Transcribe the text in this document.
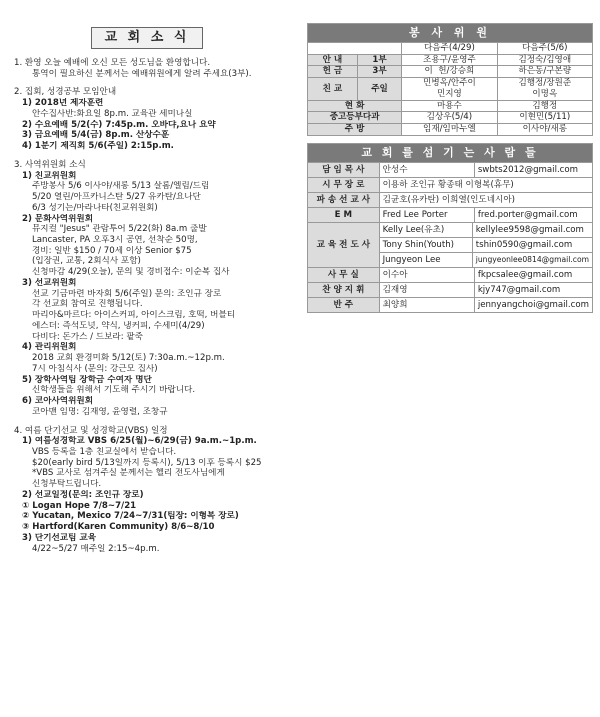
교 회 소 식
1. 환영 오늘 예배에 오신 모든 성도님을 환영합니다.
통역이 필요하신 분께서는 예배위원에게 알려 주세요(3부).
2. 집회, 성경공부 모임안내
1) 2018년 제자훈련
안수집사반:화요일 8p.m. 교육관 세미나실
2) 수요예배 5/2(수) 7:45p.m. 오바댜,요나 요약
3) 금요예배 5/4(금) 8p.m. 산상수훈
4) 1분기 제직회 5/6(주일) 2:15p.m.
3. 사역위원회 소식
1) 친교위원회
주방봉사 5/6 이사야/새롱 5/13 살롬/엘림/드림
5/20 열린/아프카니스탄 5/27 유카탄/요나단
6/3 성기는/마라나타(친교위원회)
2) 문화사역위원회
뮤지컬 "Jesus" 관람투어 5/22(화) 8a.m 출발
Lancaster, PA 오후3시 공연, 선착순 50명,
경비: 일반 $150 / 70세 이상 Senior $75
(입장권, 교통, 2회식사 포함)
신청마감 4/29(오늘), 문의 및 경비접수: 이순복 집사
3) 선교위원회
선교 기금마련 바자회 5/6(주일) 문의: 조인규 장로
각 선교회 참여로 진행됩니다.
마리아&마르다: 아이스커피, 아이스크림, 호떡, 버블티
에스더: 즉석도넛, 약식, 냉커피, 수세미(4/29)
다비다: 돈가스 / 드보라: 팥죽
4) 관리위원회
2018 교회 환경미화 5/12(토) 7:30a.m.~12p.m.
7시 아침식사 (문의: 강근모 집사)
5) 장학사역팀 장학금 수여자 명단
신학생들을 위해서 기도해 주시기 바랍니다.
6) 코아사역위원회
코아맨 임명: 김재영, 윤영렬, 조창규
4. 여름 단기선교 및 성경학교(VBS) 일정
1) 여름성경학교 VBS 6/25(월)~6/29(금) 9a.m.~1p.m.
VBS 등록을 1층 친교실에서 받습니다.
$20(early bird 5/13일까지 등록시), 5/13 이후 등록시 $25
*VBS 교사로 섬겨주실 분께서는 헬리 전도사님에게
신청부탁드립니다.
2) 선교일정(문의: 조인규 장로)
① Logan Hope 7/8~7/21
② Yucatan, Mexico 7/24~7/31(팀장: 이형복 장로)
③ Hartford(Karen Community) 8/6~8/10
3) 단기선교팀 교육
4/22~5/27 매주일 2:15~4p.m.
봉 사 위 원			
		다음주(4/29)	다음주(5/6)
안 내	1부	조용구/윤영주	김정숙/김영애
헌 금	3부	이  헌/강승희	하은동/구본량
친 교	주일	민병옥/안주이
민지영	김행정/장원준
이명옥
현 화		마용수	김행정
중고등부다과		김상우(5/4)	이현민(5/11)
주 방		임재/임마누엘	이사야/새롱
교 회 를 섬 기 는 사 람 들
담 임 목 사	안성수	swbts2012@gmail.com
시 무 장 로	이용하 조인규 황종태 이형복(휴무)
파 송 선 교 사	김균호(유카탄) 이희열(인도네시아)
E M	Fred Lee Porter	fred.porter@gmail.com
교 육 전 도 사	
Kelly Lee(유초)	kellylee9598@gmail.com
Tony Shin(Youth)	tshin0590@gmail.com
Jungyeon Lee	jungyeonlee0814@gmail.com

사 무 실	이수아	fkpcsalee@gmail.com
찬 양 지 휘	김재영	kjy747@gmail.com
반 주	최양희	jennyangchoi@gmail.com
